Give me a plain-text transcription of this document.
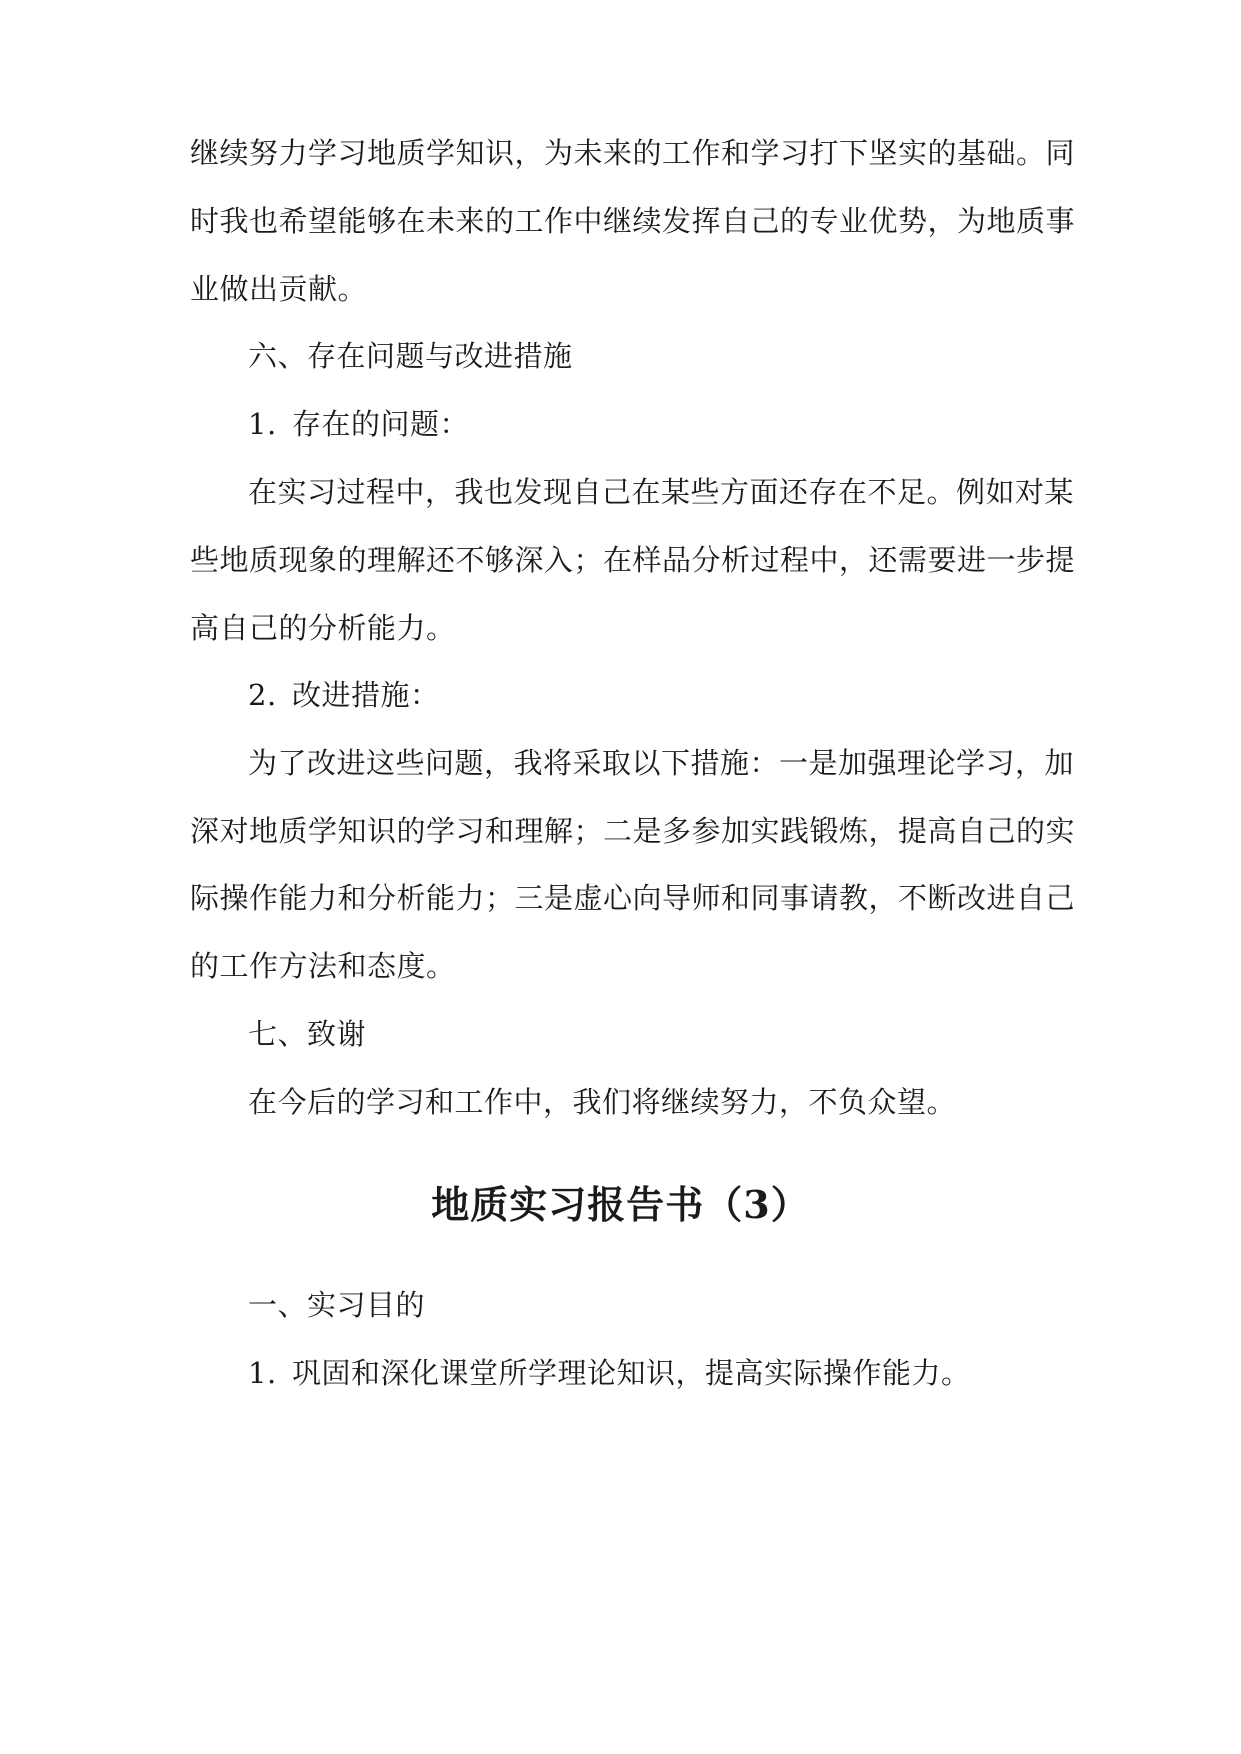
继续努力学习地质学知识，为未来的工作和学习打下坚实的基础。同
时我也希望能够在未来的工作中继续发挥自己的专业优势，为地质事
业做出贡献。
六、存在问题与改进措施
1. 存在的问题：
在实习过程中，我也发现自己在某些方面还存在不足。例如对某
些地质现象的理解还不够深入；在样品分析过程中，还需要进一步提
高自己的分析能力。
2. 改进措施：
为了改进这些问题，我将采取以下措施：一是加强理论学习，加
深对地质学知识的学习和理解；二是多参加实践锻炼，提高自己的实
际操作能力和分析能力；三是虚心向导师和同事请教，不断改进自己
的工作方法和态度。
七、致谢
在今后的学习和工作中，我们将继续努力，不负众望。
地质实习报告书（3）
一、实习目的
1. 巩固和深化课堂所学理论知识，提高实际操作能力。
